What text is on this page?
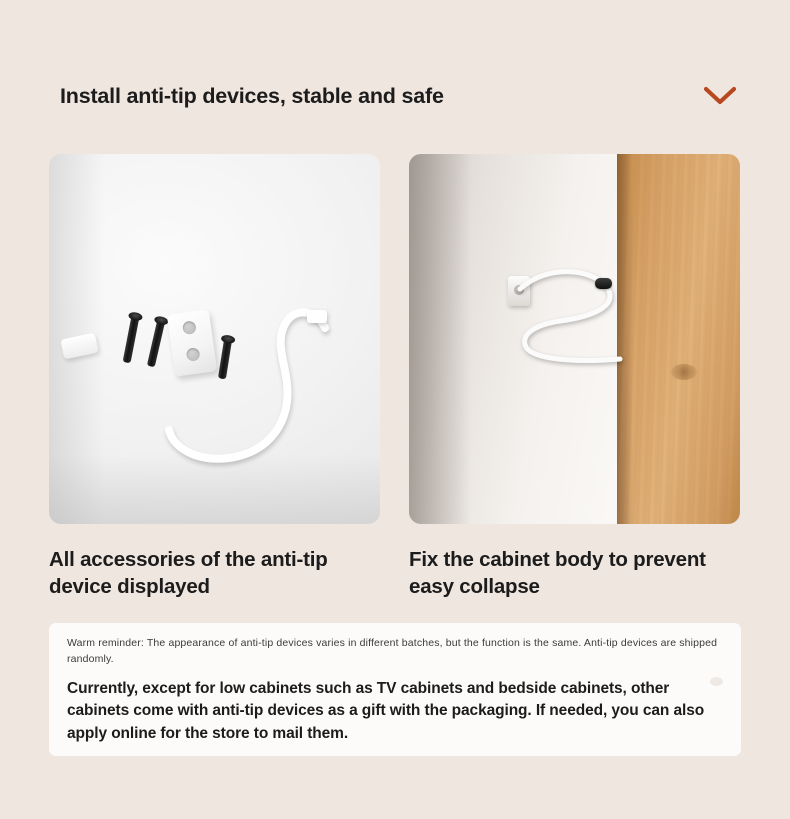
Install anti-tip devices, stable and safe
All accessories of the anti-tip device displayed
Fix the cabinet body to prevent easy collapse

Warm reminder: The appearance of anti-tip devices varies in different batches, but the function is the same. Anti-tip devices are shipped randomly.

Currently, except for low cabinets such as TV cabinets and bedside cabinets, other cabinets come with anti-tip devices as a gift with the packaging. If needed, you can also apply online for the store to mail them.
